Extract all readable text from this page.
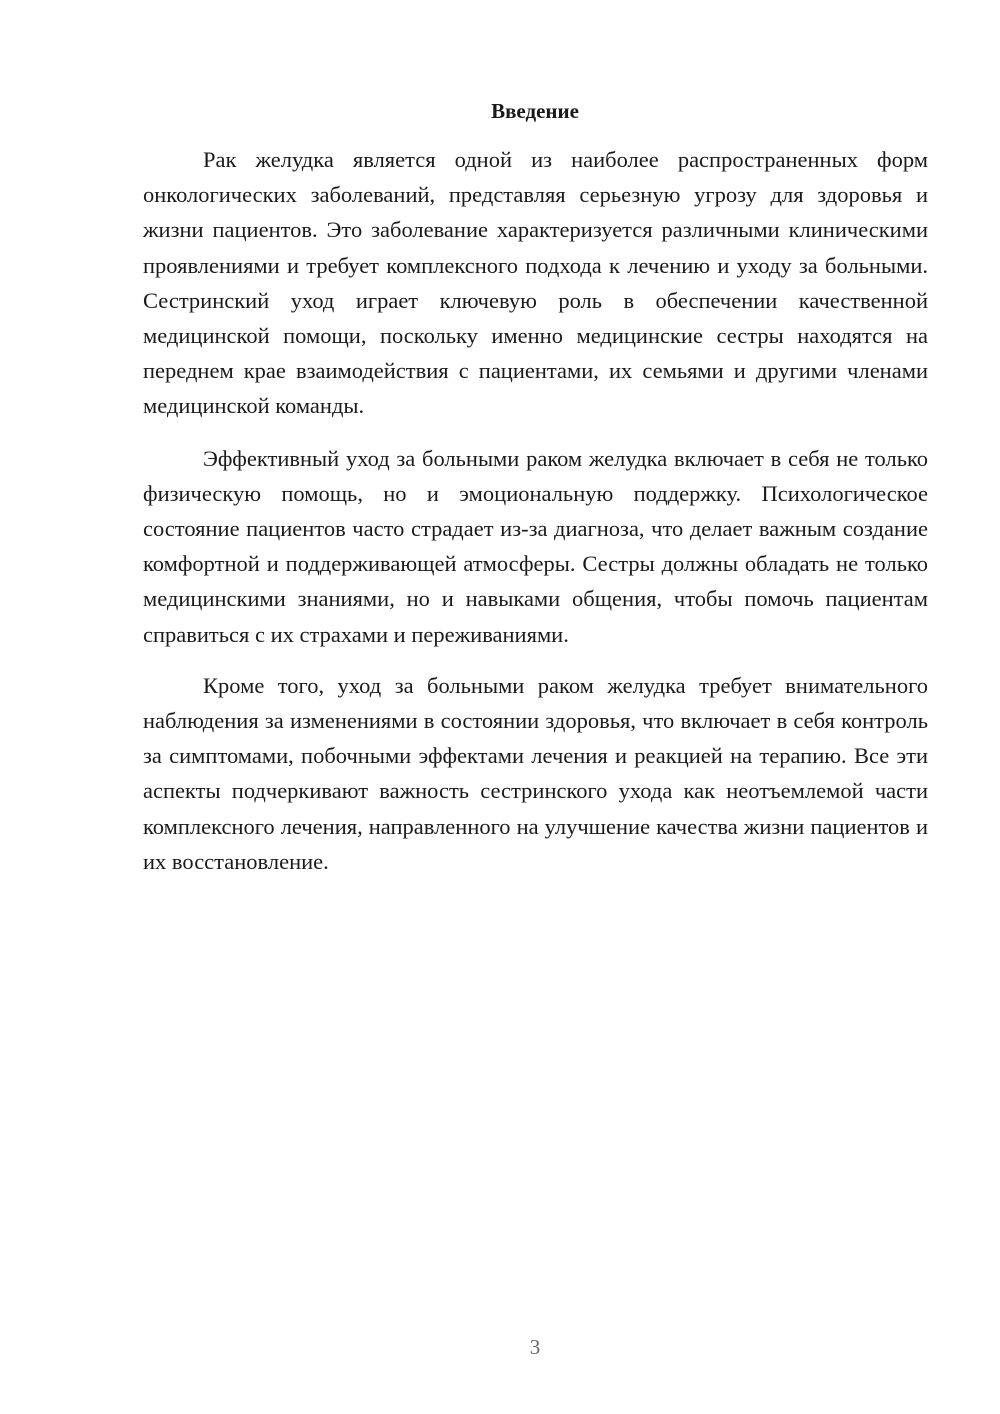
Введение

Рак желудка является одной из наиболее распространенных форм онкологических заболеваний, представляя серьезную угрозу для здоровья и жизни пациентов. Это заболевание характеризуется различными клиническими проявлениями и требует комплексного подхода к лечению и уходу за больными. Сестринский уход играет ключевую роль в обеспечении качественной медицинской помощи, поскольку именно медицинские сестры находятся на переднем крае взаимодействия с пациентами, их семьями и другими членами медицинской команды.

Эффективный уход за больными раком желудка включает в себя не только физическую помощь, но и эмоциональную поддержку. Психологическое состояние пациентов часто страдает из-за диагноза, что делает важным создание комфортной и поддерживающей атмосферы. Сестры должны обладать не только медицинскими знаниями, но и навыками общения, чтобы помочь пациентам справиться с их страхами и переживаниями.

Кроме того, уход за больными раком желудка требует внимательного наблюдения за изменениями в состоянии здоровья, что включает в себя контроль за симптомами, побочными эффектами лечения и реакцией на терапию. Все эти аспекты подчеркивают важность сестринского ухода как неотъемлемой части комплексного лечения, направленного на улучшение качества жизни пациентов и их восстановление.

3
